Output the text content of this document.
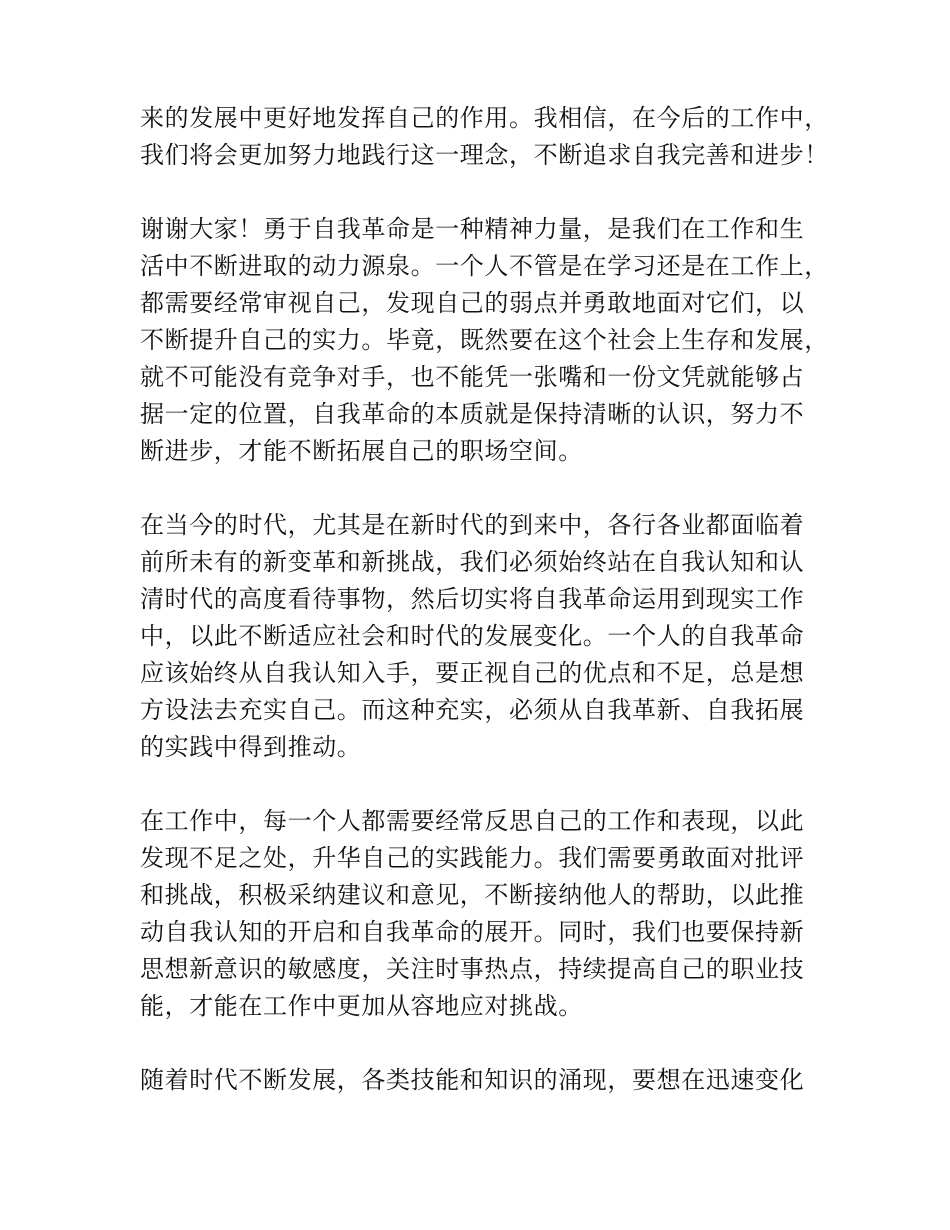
来的发展中更好地发挥自己的作用。我相信，在今后的工作中，
我们将会更加努力地践行这一理念，不断追求自我完善和进步！

谢谢大家！勇于自我革命是一种精神力量，是我们在工作和生
活中不断进取的动力源泉。一个人不管是在学习还是在工作上，
都需要经常审视自己，发现自己的弱点并勇敢地面对它们，以
不断提升自己的实力。毕竟，既然要在这个社会上生存和发展，
就不可能没有竞争对手，也不能凭一张嘴和一份文凭就能够占
据一定的位置，自我革命的本质就是保持清晰的认识，努力不
断进步，才能不断拓展自己的职场空间。

在当今的时代，尤其是在新时代的到来中，各行各业都面临着
前所未有的新变革和新挑战，我们必须始终站在自我认知和认
清时代的高度看待事物，然后切实将自我革命运用到现实工作
中，以此不断适应社会和时代的发展变化。一个人的自我革命
应该始终从自我认知入手，要正视自己的优点和不足，总是想
方设法去充实自己。而这种充实，必须从自我革新、自我拓展
的实践中得到推动。

在工作中，每一个人都需要经常反思自己的工作和表现，以此
发现不足之处，升华自己的实践能力。我们需要勇敢面对批评
和挑战，积极采纳建议和意见，不断接纳他人的帮助，以此推
动自我认知的开启和自我革命的展开。同时，我们也要保持新
思想新意识的敏感度，关注时事热点，持续提高自己的职业技
能，才能在工作中更加从容地应对挑战。

随着时代不断发展，各类技能和知识的涌现，要想在迅速变化
